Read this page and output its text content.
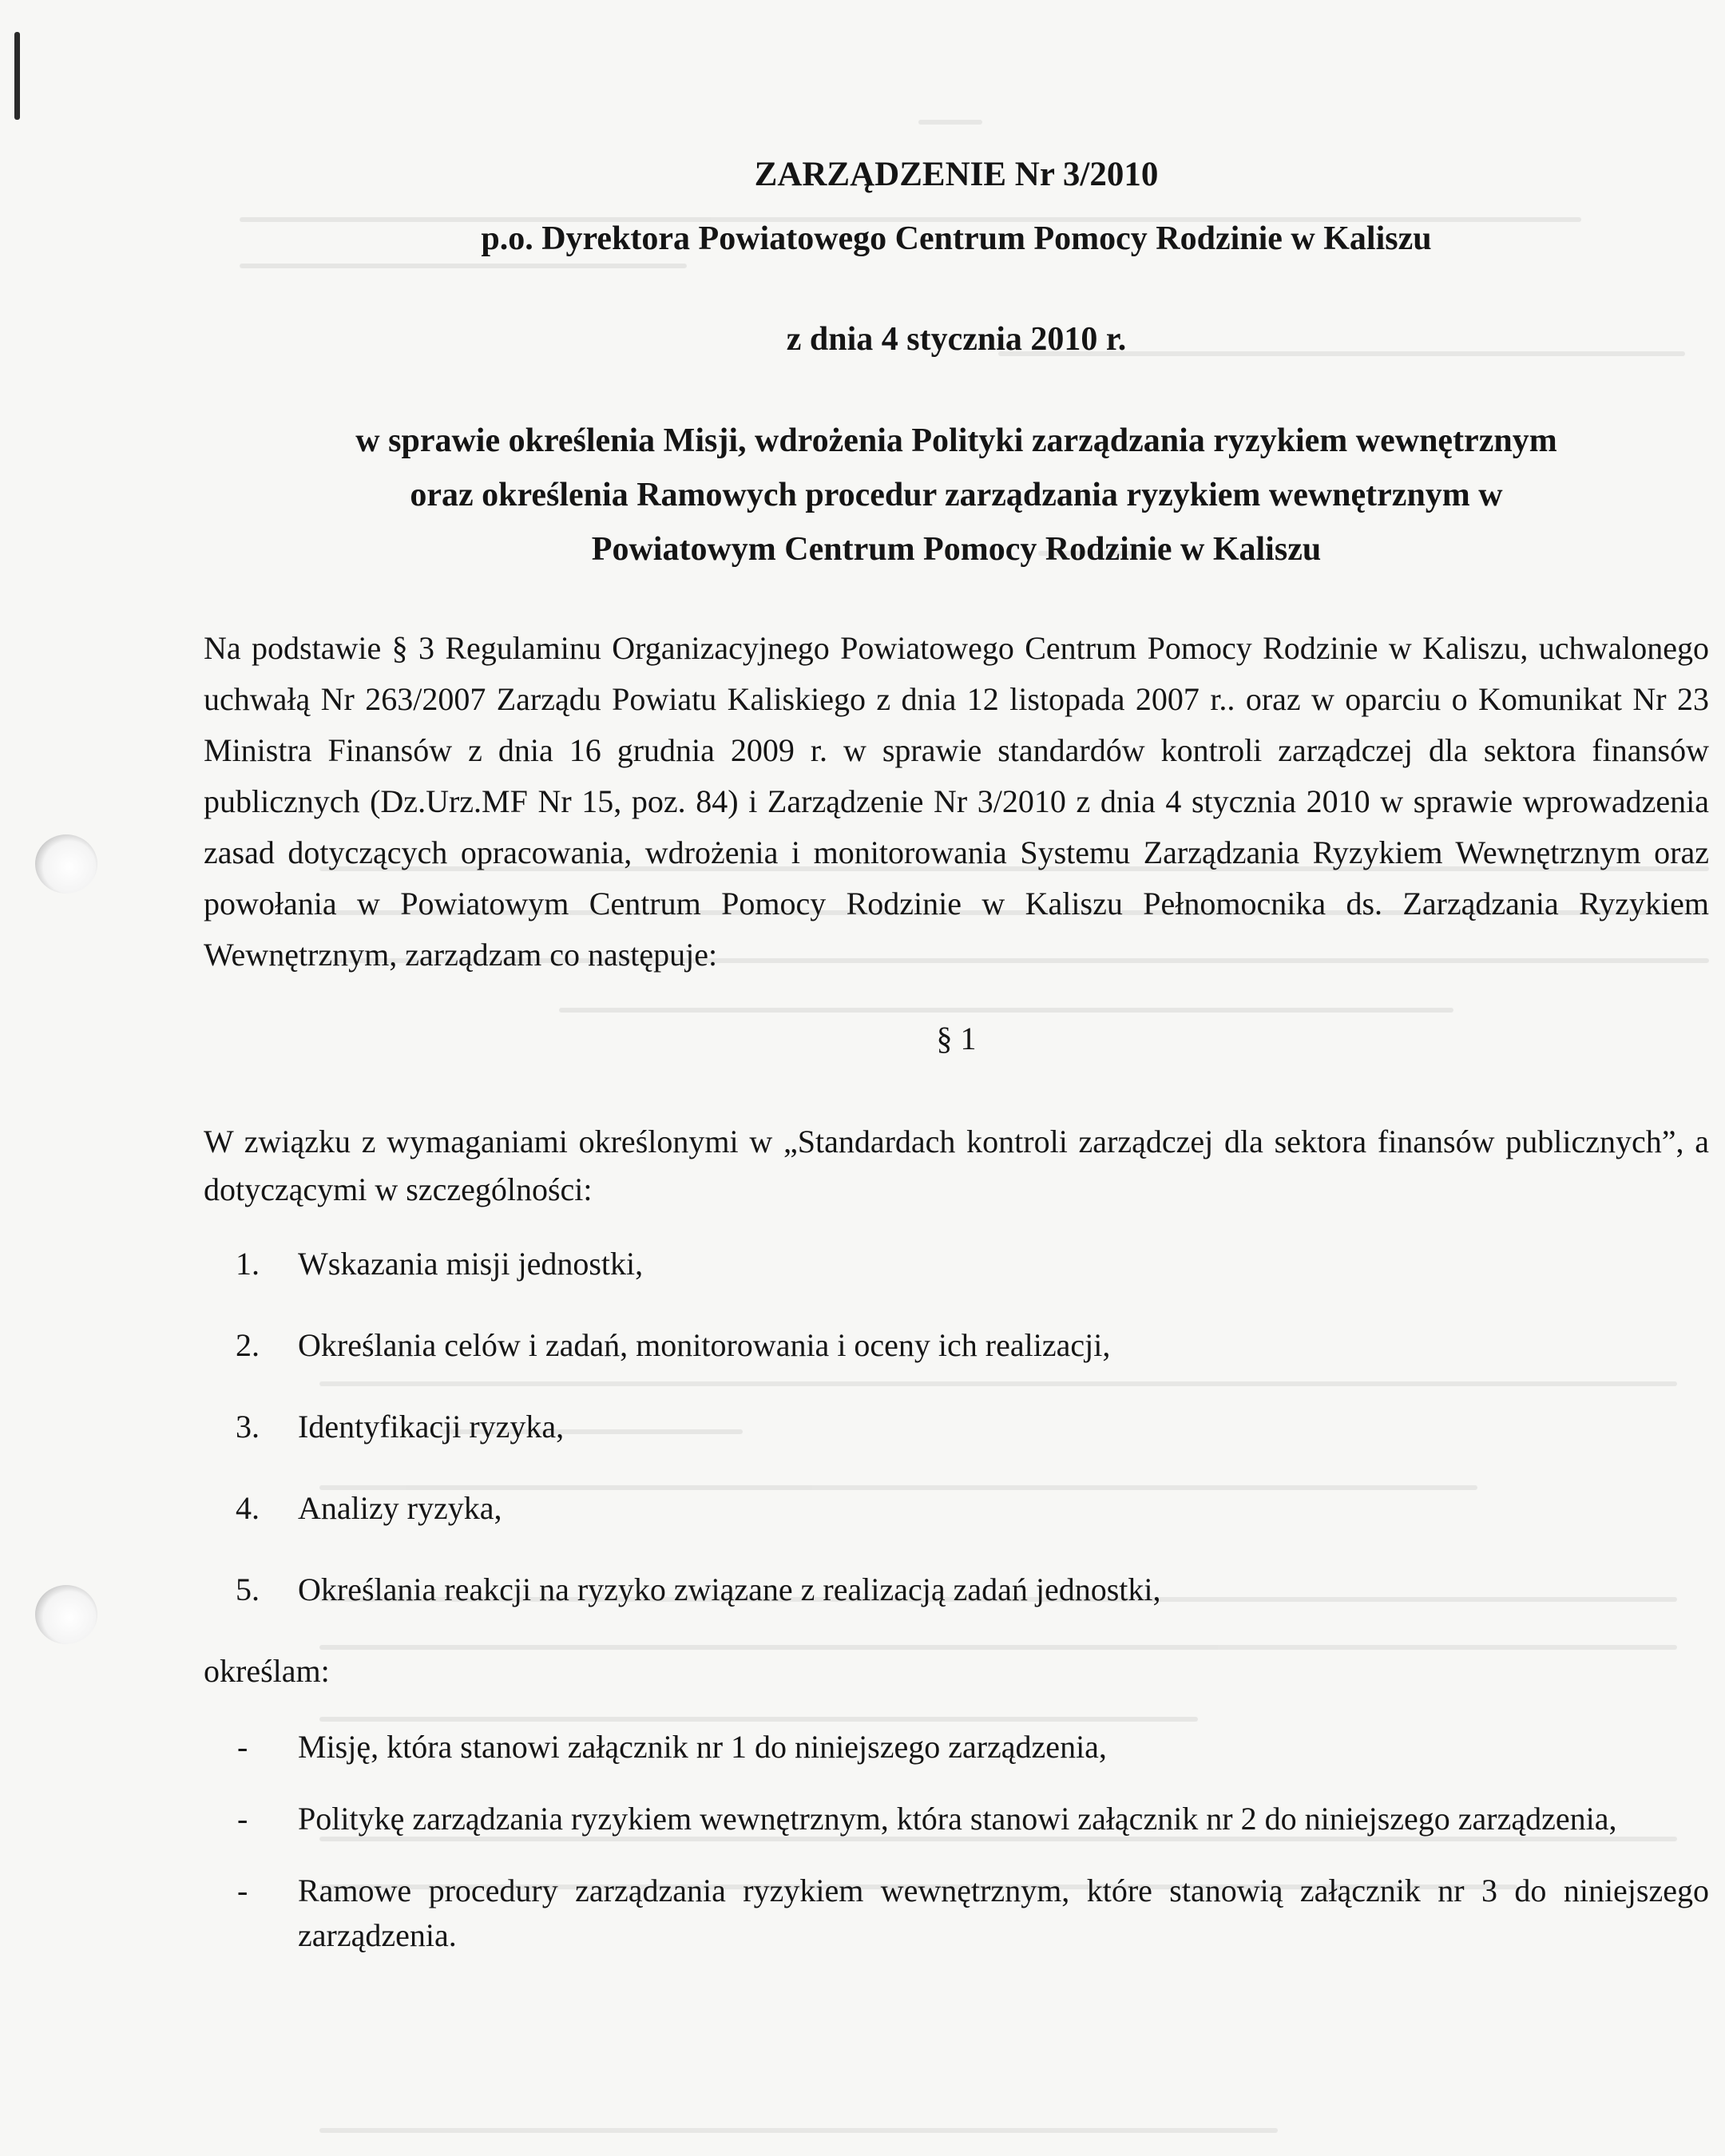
ZARZĄDZENIE Nr 3/2010

p.o. Dyrektora Powiatowego Centrum Pomocy Rodzinie w Kaliszu

z dnia 4 stycznia 2010 r.

w sprawie określenia Misji, wdrożenia Polityki zarządzania ryzykiem wewnętrznym
oraz określenia Ramowych procedur zarządzania ryzykiem wewnętrznym w
Powiatowym Centrum Pomocy Rodzinie w Kaliszu

Na podstawie § 3 Regulaminu Organizacyjnego Powiatowego Centrum Pomocy Rodzinie w Kaliszu, uchwalonego uchwałą Nr 263/2007 Zarządu Powiatu Kaliskiego z dnia 12 listopada 2007 r.. oraz w oparciu o Komunikat Nr 23 Ministra Finansów z dnia 16 grudnia 2009 r. w sprawie standardów kontroli zarządczej dla sektora finansów publicznych (Dz.Urz.MF Nr 15, poz. 84) i Zarządzenie Nr 3/2010 z dnia 4 stycznia 2010 w sprawie wprowadzenia zasad dotyczących opracowania, wdrożenia i monitorowania Systemu Zarządzania Ryzykiem Wewnętrznym oraz powołania w Powiatowym Centrum Pomocy Rodzinie w Kaliszu Pełnomocnika ds. Zarządzania Ryzykiem Wewnętrznym, zarządzam co następuje:

§ 1

W związku z wymaganiami określonymi w „Standardach kontroli zarządczej dla sektora finansów publicznych”, a dotyczącymi w szczególności:

1. Wskazania misji jednostki,
2. Określania celów i zadań, monitorowania i oceny ich realizacji,
3. Identyfikacji ryzyka,
4. Analizy ryzyka,
5. Określania reakcji na ryzyko związane z realizacją zadań jednostki,

określam:

- Misję, która stanowi załącznik nr 1 do niniejszego zarządzenia,
- Politykę zarządzania ryzykiem wewnętrznym, która stanowi załącznik nr 2 do niniejszego zarządzenia,
- Ramowe procedury zarządzania ryzykiem wewnętrznym, które stanowią załącznik nr 3 do niniejszego zarządzenia.
